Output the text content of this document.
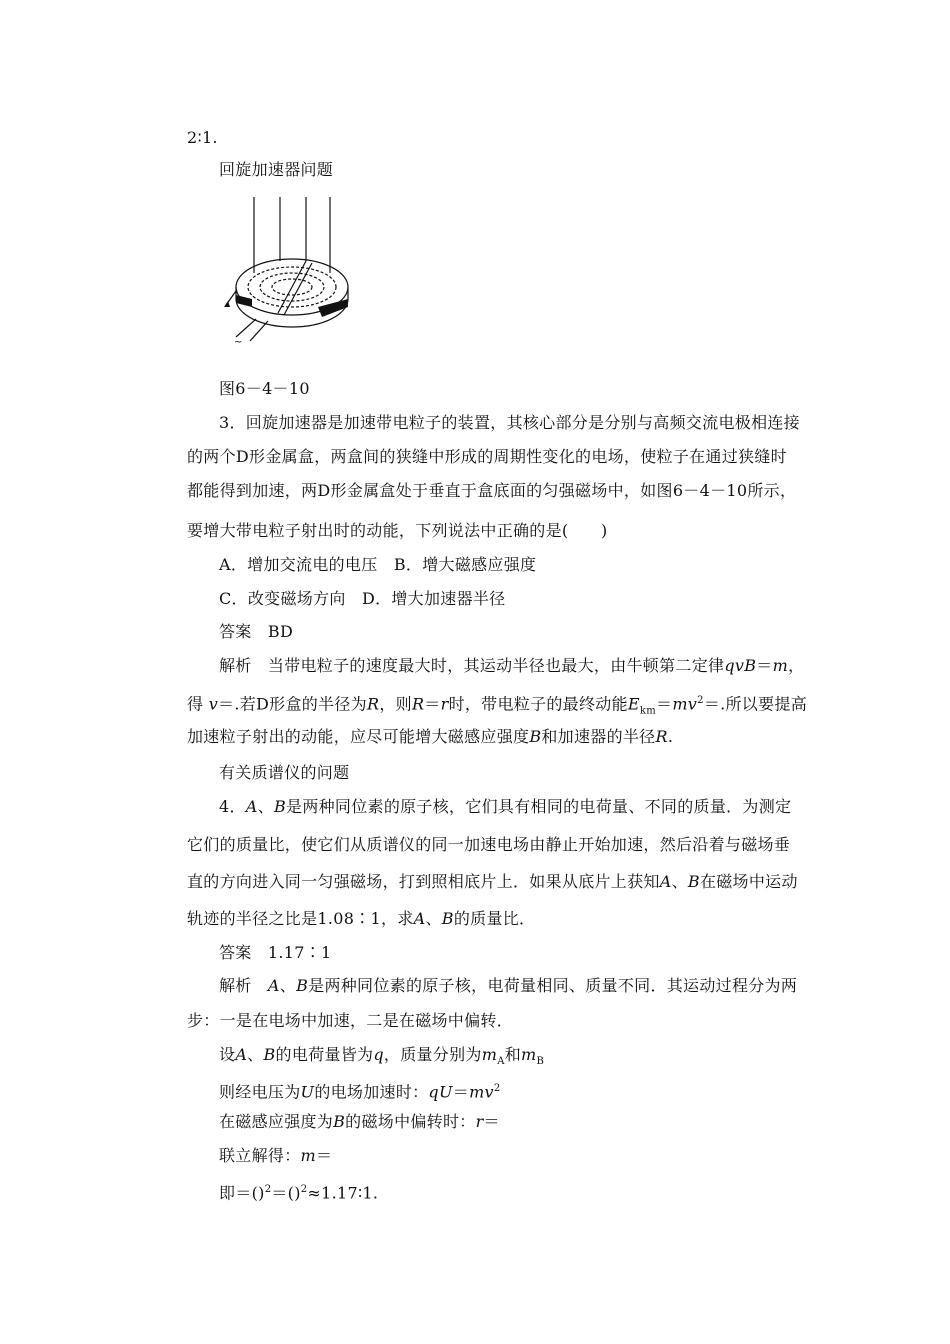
2∶1.
回旋加速器问题
~
图6－4－10
3．回旋加速器是加速带电粒子的装置，其核心部分是分别与高频交流电极相连接
的两个D形金属盒，两盒间的狭缝中形成的周期性变化的电场，使粒子在通过狭缝时
都能得到加速，两D形金属盒处于垂直于盒底面的匀强磁场中，如图6－4－10所示，
要增大带电粒子射出时的动能，下列说法中正确的是(　　)
A．增加交流电的电压　B．增大磁感应强度
C．改变磁场方向　D．增大加速器半径
答案　BD
解析　当带电粒子的速度最大时，其运动半径也最大，由牛顿第二定律qvB＝m，
得 v＝.若D形盒的半径为R，则R＝r时，带电粒子的最终动能$E_{km}=mv^2=$.所以要提高
加速粒子射出的动能，应尽可能增大磁感应强度B和加速器的半径R.
有关质谱仪的问题
4．A、B是两种同位素的原子核，它们具有相同的电荷量、不同的质量．为测定
它们的质量比，使它们从质谱仪的同一加速电场由静止开始加速，然后沿着与磁场垂
直的方向进入同一匀强磁场，打到照相底片上．如果从底片上获知A、B在磁场中运动
轨迹的半径之比是1.08∶1，求A、B的质量比．
答案　1.17∶1
解析　A、B是两种同位素的原子核，电荷量相同、质量不同．其运动过程分为两
步：一是在电场中加速，二是在磁场中偏转．
设A、B的电荷量皆为q，质量分别为$m_A$和$m_B$
则经电压为U的电场加速时：$qU=mv^2$
在磁感应强度为B的磁场中偏转时：r＝
联立解得：m＝
即＝()$^2$＝()$^2$≈1.17∶1.
